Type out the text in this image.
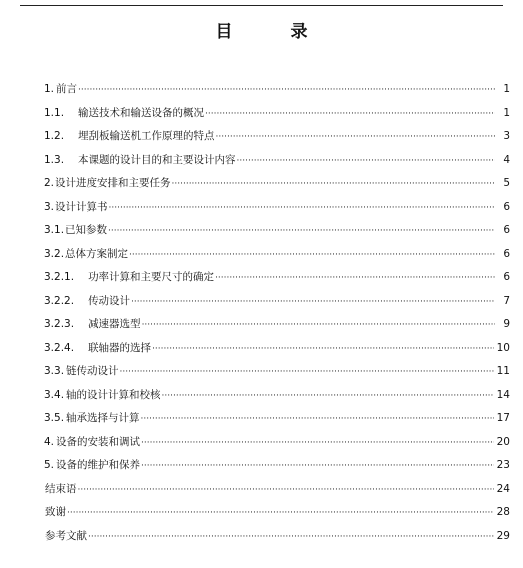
目 录
1. 前言 ·····	1
1.1.	输送技术和输送设备的概况 ·····	1
1.2.	埋刮板输送机工作原理的特点 ·····	3
1.3.	本课题的设计目的和主要设计内容 ·····	4
2. 设计进度安排和主要任务 ·····	5
3. 设计计算书 ·····	6
3.1. 已知参数 ·····	6
3.2. 总体方案制定 ·····	6
3.2.1.	功率计算和主要尺寸的确定 ·····	6
3.2.2.	传动设计 ·····	7
3.2.3.	减速器选型 ·····	9
3.2.4.	联轴器的选择 ·····	10
3.3. 链传动设计 ·····	11
3.4. 轴的设计计算和校核 ·····	14
3.5. 轴承选择与计算 ·····	17
4. 设备的安装和调试 ·····	20
5. 设备的维护和保养 ·····	23
结束语 ·····	24
致谢 ·····	28
参考文献 ·····	29
